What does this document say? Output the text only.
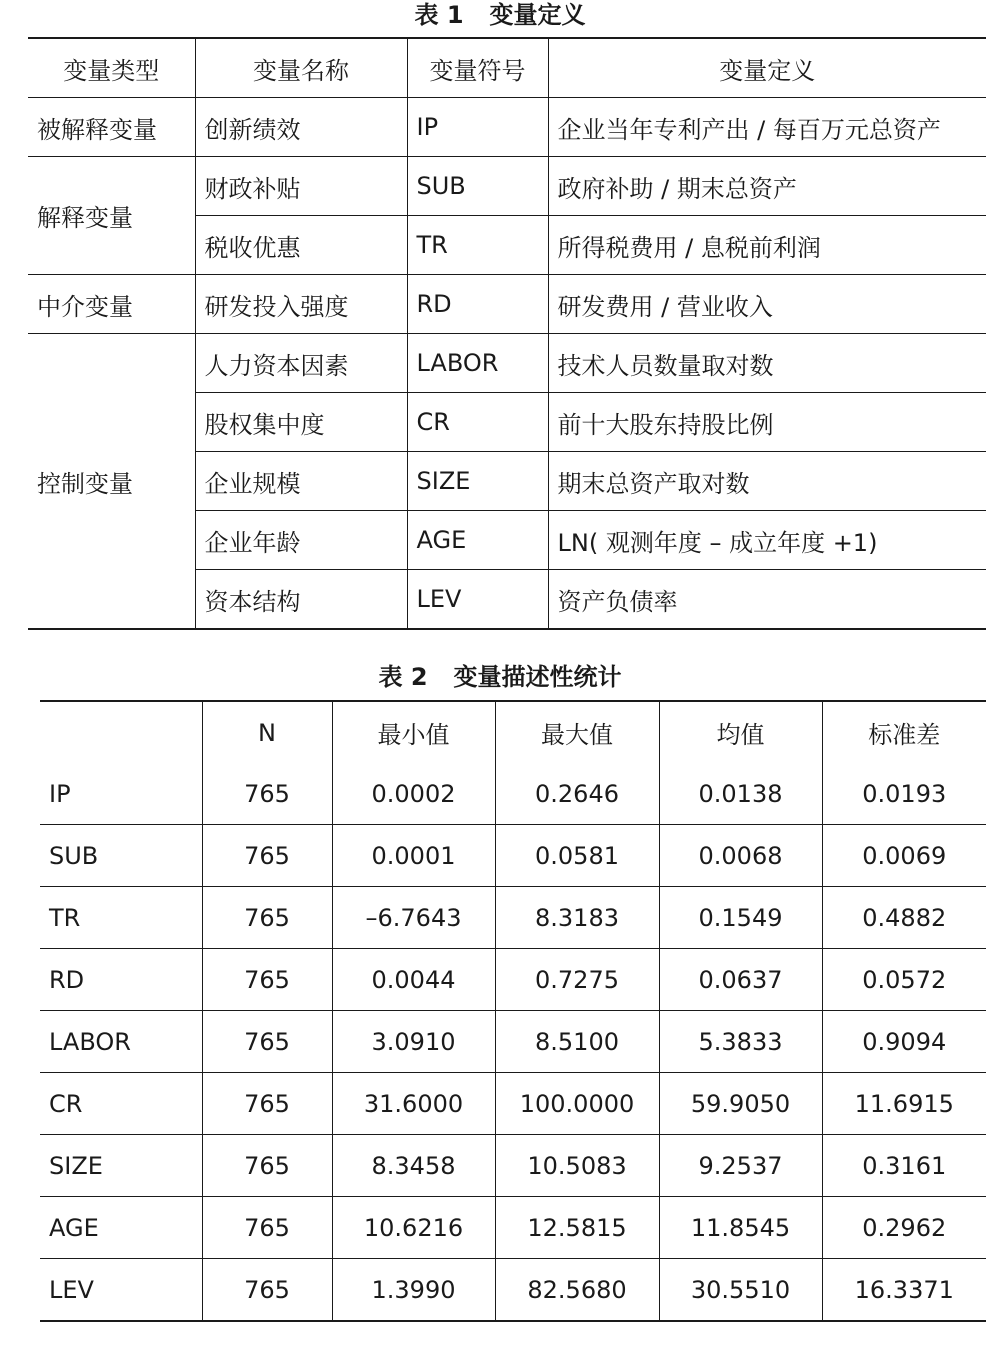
表 1 变量定义
变量类型	变量名称	变量符号	变量定义
被解释变量	创新绩效	IP	企业当年专利产出 / 每百万元总资产
解释变量	财政补贴	SUB	政府补助 / 期末总资产
	税收优惠	TR	所得税费用 / 息税前利润
中介变量	研发投入强度	RD	研发费用 / 营业收入
控制变量	人力资本因素	LABOR	技术人员数量取对数
	股权集中度	CR	前十大股东持股比例
	企业规模	SIZE	期末总资产取对数
	企业年龄	AGE	LN( 观测年度 – 成立年度 +1)
	资本结构	LEV	资产负债率
表 2 变量描述性统计
	N	最小值	最大值	均值	标准差
IP	765	0.0002	0.2646	0.0138	0.0193
SUB	765	0.0001	0.0581	0.0068	0.0069
TR	765	–6.7643	8.3183	0.1549	0.4882
RD	765	0.0044	0.7275	0.0637	0.0572
LABOR	765	3.0910	8.5100	5.3833	0.9094
CR	765	31.6000	100.0000	59.9050	11.6915
SIZE	765	8.3458	10.5083	9.2537	0.3161
AGE	765	10.6216	12.5815	11.8545	0.2962
LEV	765	1.3990	82.5680	30.5510	16.3371
